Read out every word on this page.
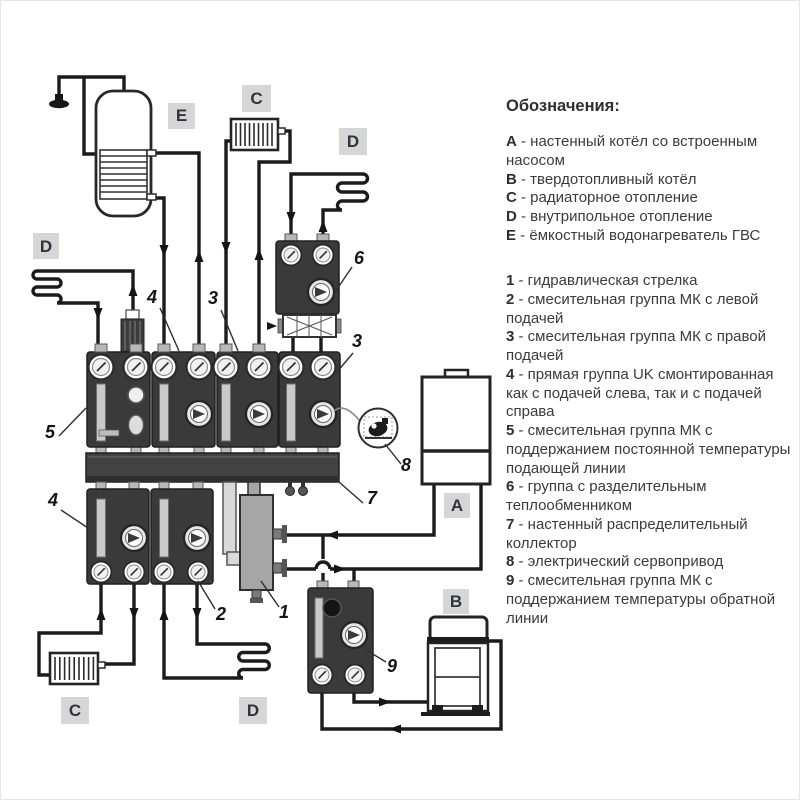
E
C
D
D
A
B
C	D
5
4	3
3
6
8
7
4
2	1
9
Обозначения:
A - настенный котёл со встроенным насосом
B - твердотопливный котёл
C - радиаторное отопление
D - внутрипольное отопление
E - ёмкостный водонагреватель ГВС
1 - гидравлическая стрелка
2 - смесительная группа МК с левой подачей
3 - смесительная группа МК с правой подачей
4 - прямая группа UK смонтированная как с подачей слева, так и с подачей справа
5 - смесительная группа МК с поддержанием постоянной температуры подающей линии
6 - группа с разделительным теплообменником
7 - настенный распределительный коллектор
8 - электрический сервопривод
9 - смесительная группа МК с поддержанием температуры обратной линии
